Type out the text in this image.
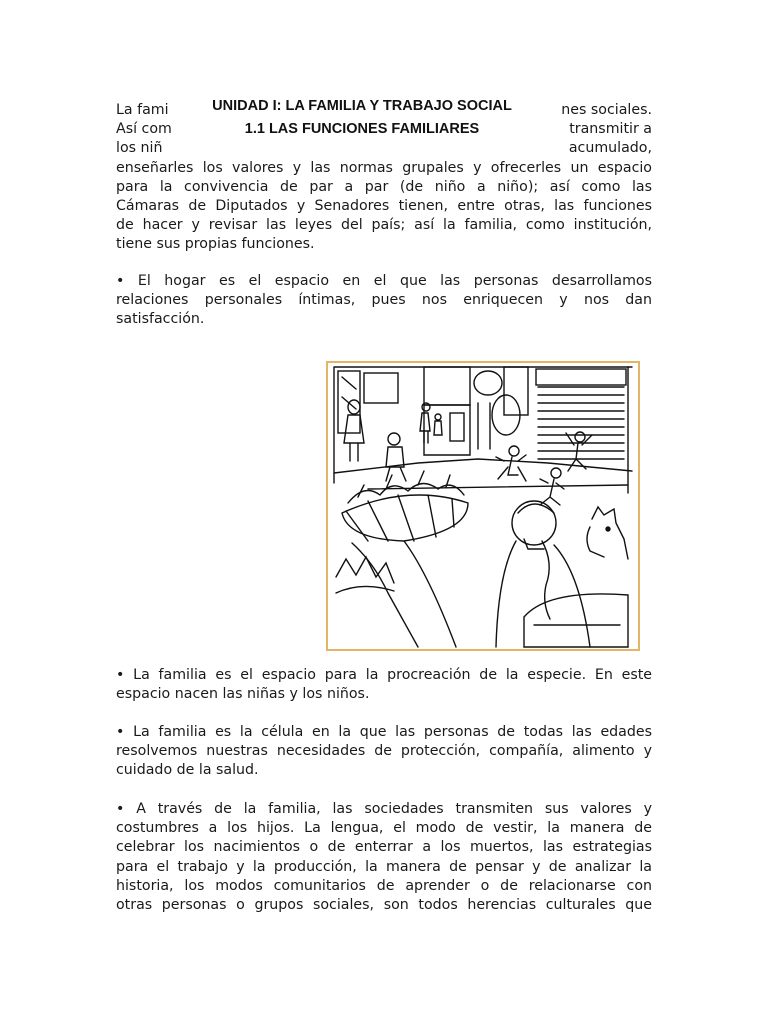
La fami	nes sociales.
Así com	transmitir a
los niñ	acumulado,
enseñarles los valores y las normas grupales y ofrecerles un espacio
para la convivencia de par a par (de niño a niño); así como las
Cámaras de Diputados y Senadores tienen, entre otras, las funciones
de hacer y revisar las leyes del país; así la familia, como institución,
tiene sus propias funciones.
UNIDAD I: LA FAMILIA Y TRABAJO SOCIAL
1.1 LAS FUNCIONES FAMILIARES
• El hogar es el espacio en el que las personas desarrollamos
relaciones personales íntimas, pues nos enriquecen y nos dan
satisfacción.
• La familia es el espacio para la procreación de la especie. En este
espacio nacen las niñas y los niños.
• La familia es la célula en la que las personas de todas las edades
resolvemos nuestras necesidades de protección, compañía, alimento y
cuidado de la salud.
• A través de la familia, las sociedades transmiten sus valores y
costumbres a los hijos. La lengua, el modo de vestir, la manera de
celebrar los nacimientos o de enterrar a los muertos, las estrategias
para el trabajo y la producción, la manera de pensar y de analizar la
historia, los modos comunitarios de aprender o de relacionarse con
otras personas o grupos sociales, son todos herencias culturales que
